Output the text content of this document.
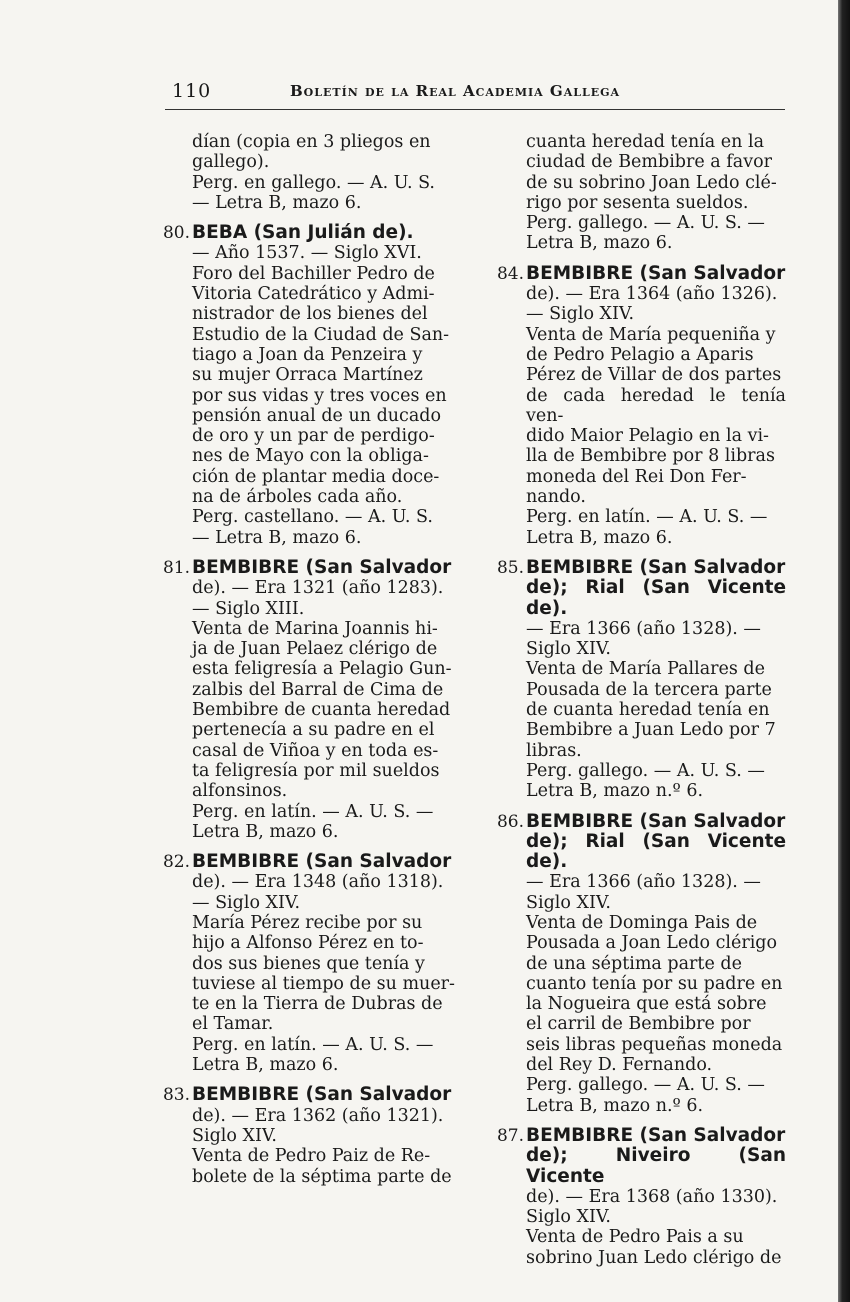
110	Boletín de la Real Academia Gallega
dían (copia en 3 pliegos en
gallego).
Perg. en gallego. — A. U. S.
— Letra B, mazo 6.
80. BEBA (San Julián de).
— Año 1537. — Siglo XVI.
Foro del Bachiller Pedro de
Vitoria Catedrático y Admi-
nistrador de los bienes del
Estudio de la Ciudad de San-
tiago a Joan da Penzeira y
su mujer Orraca Martínez
por sus vidas y tres voces en
pensión anual de un ducado
de oro y un par de perdigo-
nes de Mayo con la obliga-
ción de plantar media doce-
na de árboles cada año.
Perg. castellano. — A. U. S.
— Letra B, mazo 6.
81. BEMBIBRE (San Salvador
de). — Era 1321 (año 1283).
— Siglo XIII.
Venta de Marina Joannis hi-
ja de Juan Pelaez clérigo de
esta feligresía a Pelagio Gun-
zalbis del Barral de Cima de
Bembibre de cuanta heredad
pertenecía a su padre en el
casal de Viñoa y en toda es-
ta feligresía por mil sueldos
alfonsinos.
Perg. en latín. — A. U. S. —
Letra B, mazo 6.
82. BEMBIBRE (San Salvador
de). — Era 1348 (año 1318).
— Siglo XIV.
María Pérez recibe por su
hijo a Alfonso Pérez en to-
dos sus bienes que tenía y
tuviese al tiempo de su muer-
te en la Tierra de Dubras de
el Tamar.
Perg. en latín. — A. U. S. —
Letra B, mazo 6.
83. BEMBIBRE (San Salvador
de). — Era 1362 (año 1321).
Siglo XIV.
Venta de Pedro Paiz de Re-
bolete de la séptima parte de
cuanta heredad tenía en la
ciudad de Bembibre a favor
de su sobrino Joan Ledo clé-
rigo por sesenta sueldos.
Perg. gallego. — A. U. S. —
Letra B, mazo 6.
84. BEMBIBRE (San Salvador
de). — Era 1364 (año 1326).
— Siglo XIV.
Venta de María pequeniña y
de Pedro Pelagio a Aparis
Pérez de Villar de dos partes
de cada heredad le tenía ven-
dido Maior Pelagio en la vi-
lla de Bembibre por 8 libras
moneda del Rei Don Fer-
nando.
Perg. en latín. — A. U. S. —
Letra B, mazo 6.
85. BEMBIBRE (San Salvador
de); Rial (San Vicente de).
— Era 1366 (año 1328). —
Siglo XIV.
Venta de María Pallares de
Pousada de la tercera parte
de cuanta heredad tenía en
Bembibre a Juan Ledo por 7
libras.
Perg. gallego. — A. U. S. —
Letra B, mazo n.º 6.
86. BEMBIBRE (San Salvador
de); Rial (San Vicente de).
— Era 1366 (año 1328). —
Siglo XIV.
Venta de Dominga Pais de
Pousada a Joan Ledo clérigo
de una séptima parte de
cuanto tenía por su padre en
la Nogueira que está sobre
el carril de Bembibre por
seis libras pequeñas moneda
del Rey D. Fernando.
Perg. gallego. — A. U. S. —
Letra B, mazo n.º 6.
87. BEMBIBRE (San Salvador
de); Niveiro (San Vicente
de). — Era 1368 (año 1330).
Siglo XIV.
Venta de Pedro Pais a su
sobrino Juan Ledo clérigo de
